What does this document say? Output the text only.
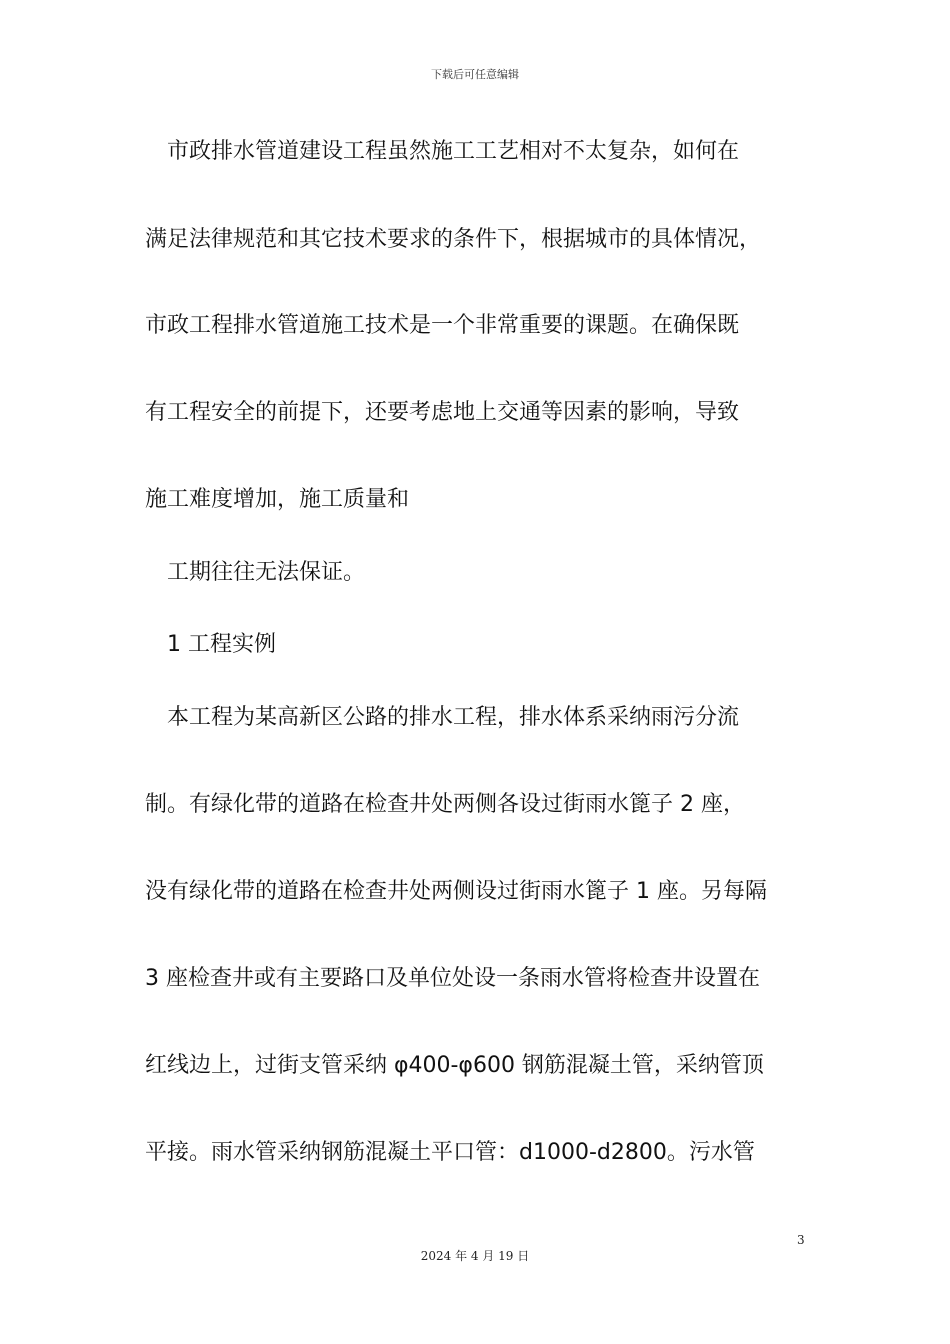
下载后可任意编辑
市政排水管道建设工程虽然施工工艺相对不太复杂，如何在
满足法律规范和其它技术要求的条件下，根据城市的具体情况，
市政工程排水管道施工技术是一个非常重要的课题。在确保既
有工程安全的前提下，还要考虑地上交通等因素的影响，导致
施工难度增加，施工质量和
工期往往无法保证。
1 工程实例
本工程为某高新区公路的排水工程，排水体系采纳雨污分流
制。有绿化带的道路在检查井处两侧各设过街雨水篦子 2 座，
没有绿化带的道路在检查井处两侧设过街雨水篦子 1 座。另每隔
3 座检查井或有主要路口及单位处设一条雨水管将检查井设置在
红线边上，过街支管采纳 φ400-φ600 钢筋混凝土管，采纳管顶
平接。雨水管采纳钢筋混凝土平口管：d1000-d2800。污水管
3
2024 年 4 月 19 日
